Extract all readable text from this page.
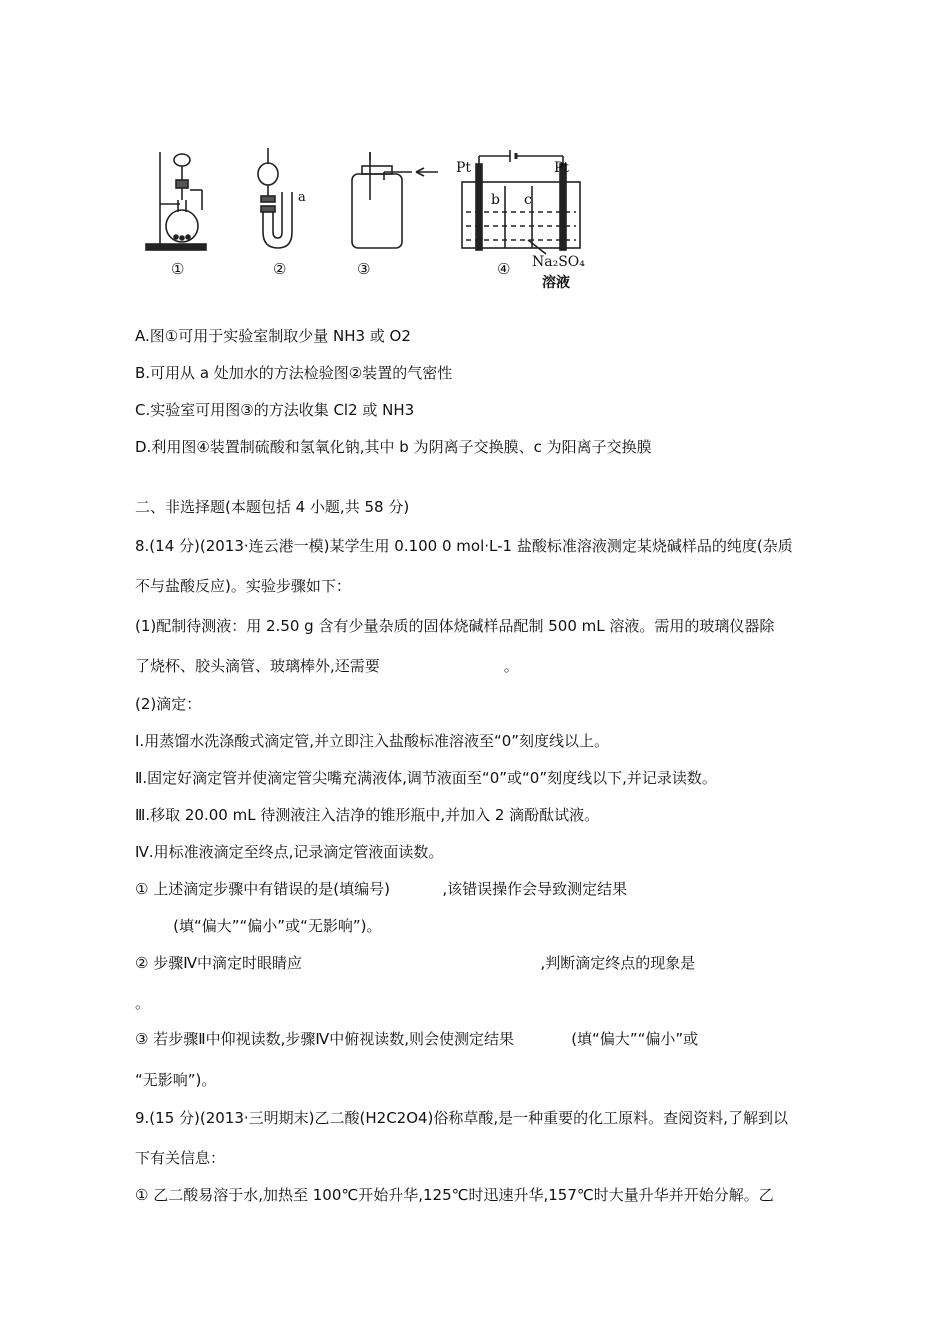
①	②	③	④
a
Pt	Pt
b c
Na₂SO₄
溶液
A.图①可用于实验室制取少量 NH3 或 O2
B.可用从 a 处加水的方法检验图②装置的气密性
C.实验室可用图③的方法收集 Cl2 或 NH3
D.利用图④装置制硫酸和氢氧化钠,其中 b 为阴离子交换膜、c 为阳离子交换膜
二、非选择题(本题包括 4 小题,共 58 分)
8.(14 分)(2013·连云港一模)某学生用 0.100 0 mol·L-1 盐酸标准溶液测定某烧碱样品的纯度(杂质
不与盐酸反应)。实验步骤如下：
(1)配制待测液：用 2.50 g 含有少量杂质的固体烧碱样品配制 500 mL 溶液。需用的玻璃仪器除
了烧杯、胶头滴管、玻璃棒外,还需要                          。
(2)滴定：
Ⅰ.用蒸馏水洗涤酸式滴定管,并立即注入盐酸标准溶液至“0”刻度线以上。
Ⅱ.固定好滴定管并使滴定管尖嘴充满液体,调节液面至“0”或“0”刻度线以下,并记录读数。
Ⅲ.移取 20.00 mL 待测液注入洁净的锥形瓶中,并加入 2 滴酚酞试液。
Ⅳ.用标准液滴定至终点,记录滴定管液面读数。
① 上述滴定步骤中有错误的是(填编号)           ,该错误操作会导致测定结果
(填“偏大”“偏小”或“无影响”)。
② 步骤Ⅳ中滴定时眼睛应                                                  ,判断滴定终点的现象是
。
③ 若步骤Ⅱ中仰视读数,步骤Ⅳ中俯视读数,则会使测定结果            (填“偏大”“偏小”或
“无影响”)。
9.(15 分)(2013·三明期末)乙二酸(H2C2O4)俗称草酸,是一种重要的化工原料。查阅资料,了解到以
下有关信息：
① 乙二酸易溶于水,加热至 100℃开始升华,125℃时迅速升华,157℃时大量升华并开始分解。乙
